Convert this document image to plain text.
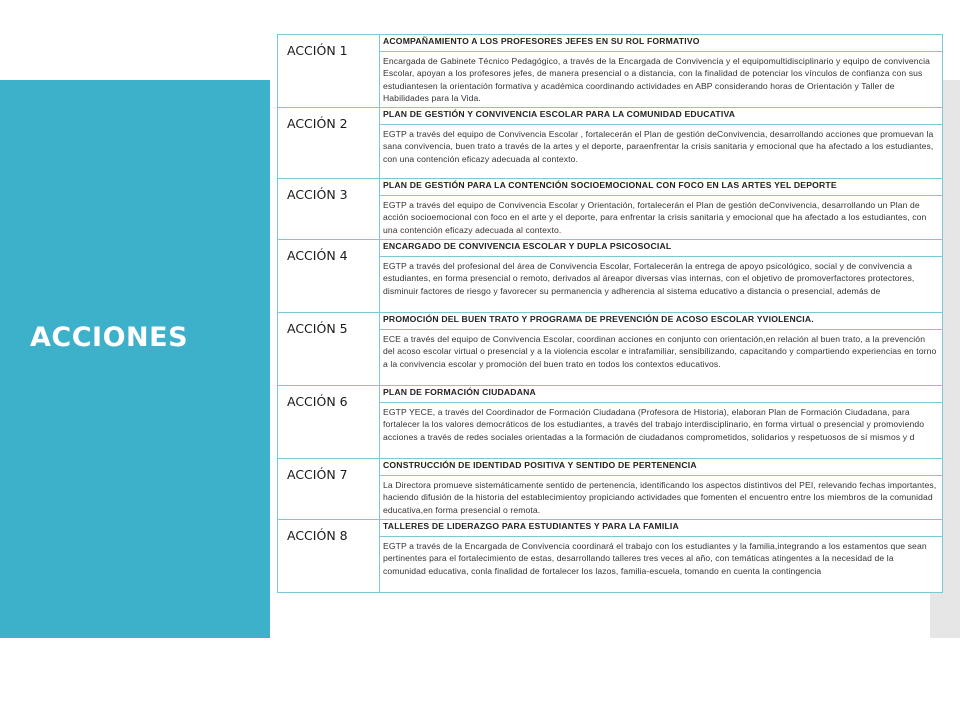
ACCIONES
ACCIÓN 1	ACOMPAÑAMIENTO A LOS PROFESORES JEFES EN SU ROL FORMATIVO
	Encargada de Gabinete Técnico Pedagógico, a través de la Encargada de Convivencia y el equipomultidisciplinario y equipo de convivencia Escolar, apoyan a los profesores jefes, de manera presencial o a distancia, con la finalidad de potenciar los vínculos de confianza con sus estudiantesen la orientación formativa y académica coordinando actividades en ABP considerando horas de Orientación y Taller de Habilidades para la Vida.
ACCIÓN 2	PLAN DE GESTIÓN Y CONVIVENCIA ESCOLAR PARA LA COMUNIDAD EDUCATIVA
	EGTP a través del equipo de Convivencia Escolar , fortalecerán el Plan de gestión deConvivencia, desarrollando acciones que promuevan la sana convivencia, buen trato a través de la artes y el deporte, paraenfrentar la crisis sanitaria y emocional que ha afectado a los estudiantes, con una contención eficazy adecuada al contexto.
ACCIÓN 3	PLAN DE GESTIÓN PARA LA CONTENCIÓN SOCIOEMOCIONAL CON FOCO EN LAS ARTES YEL DEPORTE
	EGTP a través del equipo de Convivencia Escolar y Orientación, fortalecerán el Plan de gestión deConvivencia, desarrollando un Plan de acción socioemocional con foco en el arte y el deporte, para enfrentar la crisis sanitaria y emocional que ha afectado a los estudiantes, con una contención eficazy adecuada al contexto.
ACCIÓN 4	ENCARGADO DE CONVIVENCIA ESCOLAR Y DUPLA PSICOSOCIAL
	EGTP a través del profesional del área de Convivencia Escolar, Fortalecerán la entrega de apoyo psicológico, social y de convivencia a estudiantes, en forma presencial o remoto, derivados al áreapor diversas vías internas, con el objetivo de promoverfactores protectores, disminuir factores de riesgo y favorecer su permanencia y adherencia al sistema educativo a distancia o presencial, además de
ACCIÓN 5	PROMOCIÓN DEL BUEN TRATO Y PROGRAMA DE PREVENCIÓN DE ACOSO ESCOLAR YVIOLENCIA.
	ECE a través del equipo de Convivencia Escolar, coordinan acciones en conjunto con orientación,en relación al buen trato, a la prevención del acoso escolar virtual o presencial y a la violencia escolar e intrafamiliar, sensibilizando, capacitando y compartiendo experiencias en torno a la convivencia escolar y promoción del buen trato en todos los contextos educativos.
ACCIÓN 6	PLAN DE FORMACIÓN CIUDADANA
	EGTP YECE, a través del Coordinador de Formación Ciudadana (Profesora de Historia), elaboran Plan de Formación Ciudadana, para fortalecer la los valores democráticos de los estudiantes, a través del trabajo interdisciplinario, en forma virtual o presencial y promoviendo acciones a través de redes sociales orientadas a la formación de ciudadanos comprometidos, solidarios y respetuosos de sí mismos y d
ACCIÓN 7	CONSTRUCCIÓN DE IDENTIDAD POSITIVA Y SENTIDO DE PERTENENCIA
	La Directora promueve sistemáticamente sentido de pertenencia, identificando los aspectos distintivos del PEI, relevando fechas importantes, haciendo difusión de la historia del establecimientoy propiciando actividades que fomenten el encuentro entre los miembros de la comunidad educativa,en forma presencial o remota.
ACCIÓN 8	TALLERES DE LIDERAZGO PARA ESTUDIANTES Y PARA LA FAMILIA
	EGTP a través de la Encargada de Convivencia coordinará el trabajo con los estudiantes y la familia,integrando a los estamentos que sean pertinentes para el fortalecimiento de estas, desarrollando talleres tres veces al año, con temáticas atingentes a la necesidad de la comunidad educativa, conla finalidad de fortalecer los lazos, familia-escuela, tomando en cuenta la contingencia
